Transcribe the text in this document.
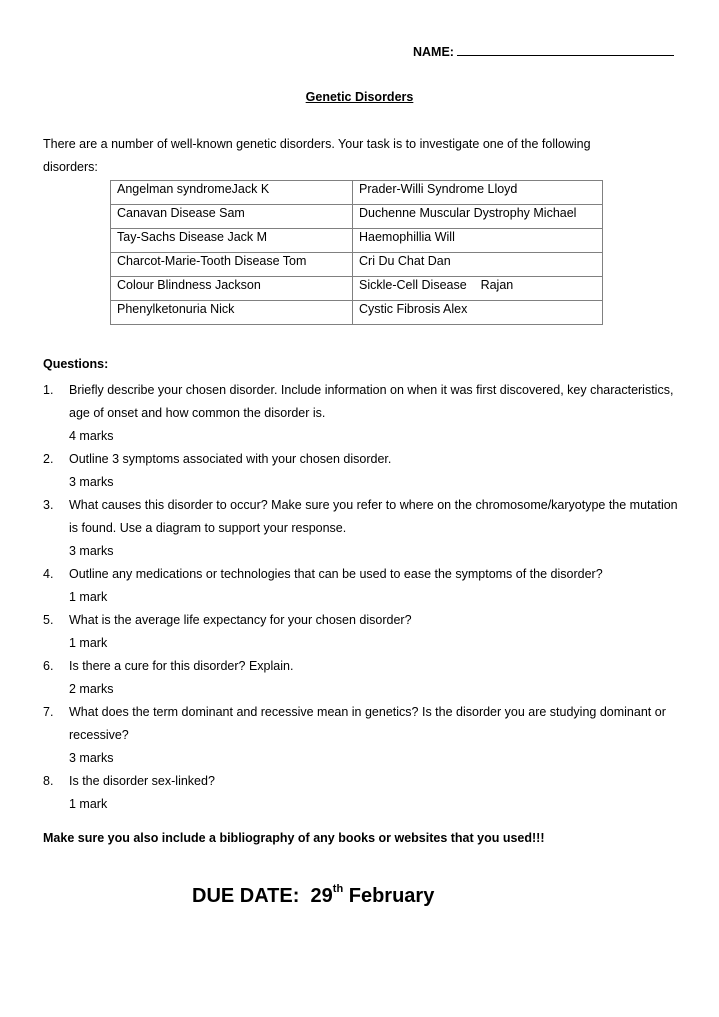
NAME:
Genetic Disorders
There are a number of well-known genetic disorders. Your task is to investigate one of the following disorders:
Angelman syndromeJack K	Prader-Willi Syndrome Lloyd
Canavan Disease Sam	Duchenne Muscular Dystrophy Michael
Tay-Sachs Disease Jack M	Haemophillia Will
Charcot-Marie-Tooth Disease Tom	Cri Du Chat Dan
Colour Blindness Jackson	Sickle-Cell Disease    Rajan
Phenylketonuria Nick	Cystic Fibrosis Alex
Questions:
1. Briefly describe your chosen disorder. Include information on when it was first discovered, key characteristics, age of onset and how common the disorder is.
4 marks
2. Outline 3 symptoms associated with your chosen disorder.
3 marks
3. What causes this disorder to occur? Make sure you refer to where on the chromosome/karyotype the mutation is found. Use a diagram to support your response.
3 marks
4. Outline any medications or technologies that can be used to ease the symptoms of the disorder?
1 mark
5. What is the average life expectancy for your chosen disorder?
1 mark
6. Is there a cure for this disorder? Explain.
2 marks
7. What does the term dominant and recessive mean in genetics? Is the disorder you are studying dominant or recessive?
3 marks
8. Is the disorder sex-linked?
1 mark
Make sure you also include a bibliography of any books or websites that you used!!!
DUE DATE: 29th February
